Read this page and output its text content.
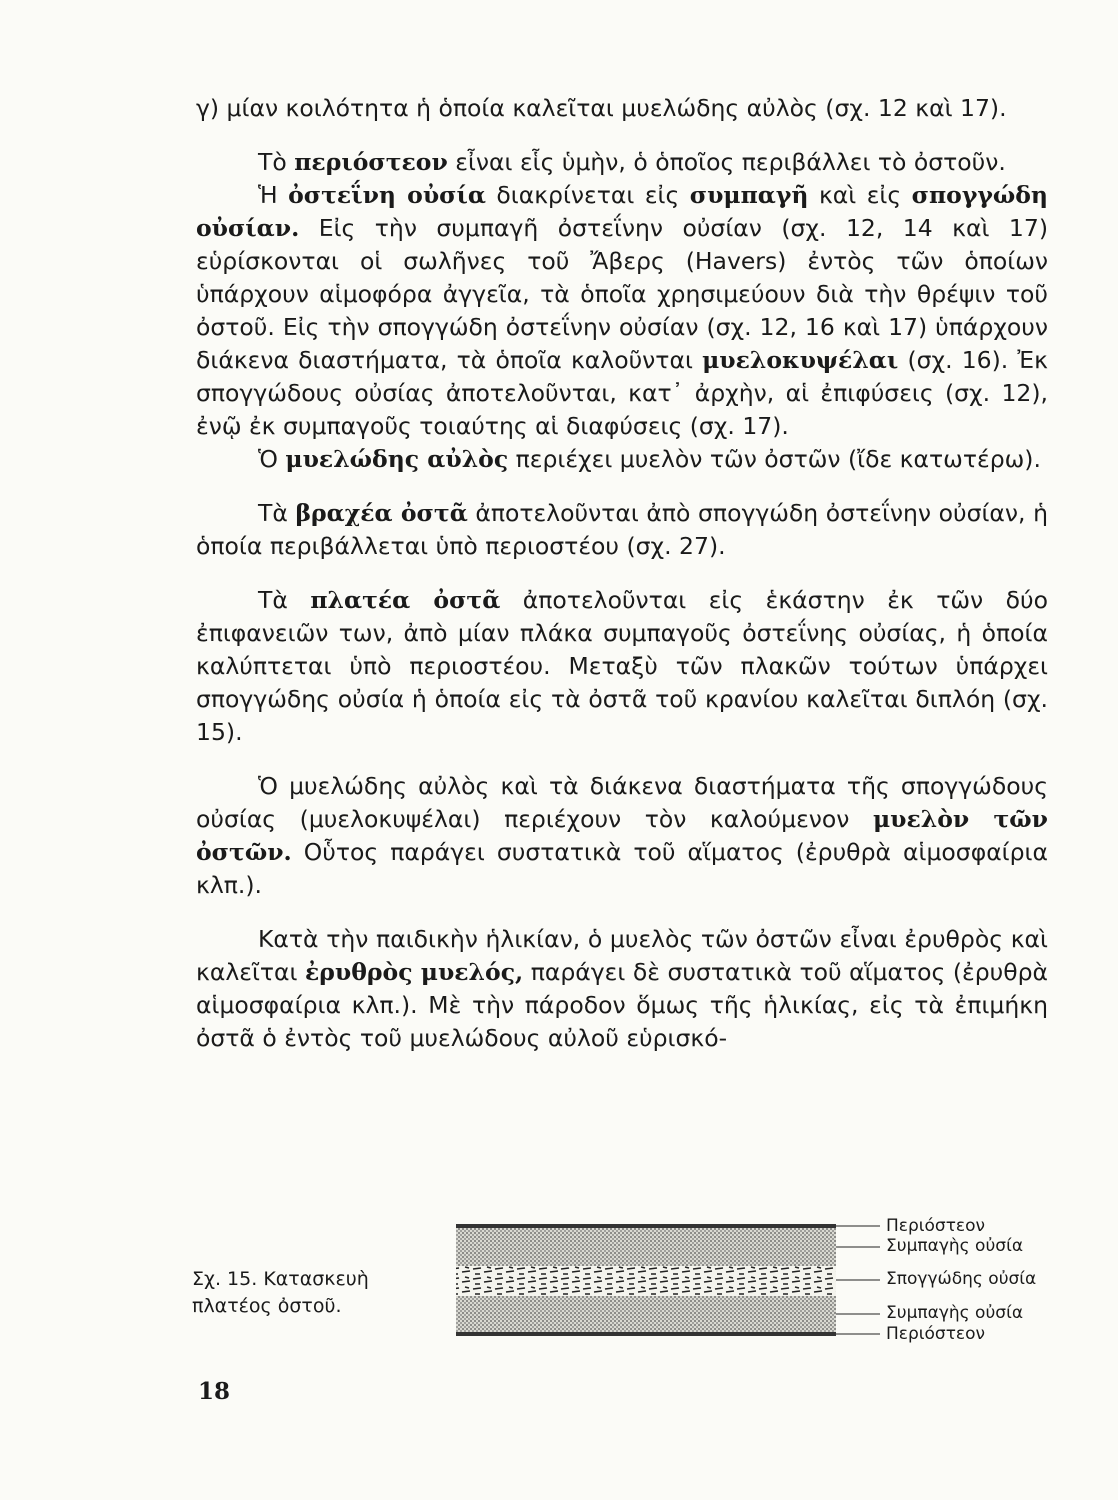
γ) μίαν κοιλότητα ἡ ὁποία καλεῖται μυελώδης αὐλὸς (σχ. 12 καὶ 17).

Τὸ περιόστεον εἶναι εἷς ὑμὴν, ὁ ὁποῖος περιβάλλει τὸ ὀστοῦν.

Ἡ ὀστεΐνη οὐσία διακρίνεται εἰς συμπαγῆ καὶ εἰς σπογγώδη οὐσίαν. Εἰς τὴν συμπαγῆ ὀστεΐνην οὐσίαν (σχ. 12, 14 καὶ 17) εὑρίσκονται οἱ σωλῆνες τοῦ Ἄβερς (Havers) ἐντὸς τῶν ὁποίων ὑπάρχουν αἱμοφόρα ἀγγεῖα, τὰ ὁποῖα χρησιμεύουν διὰ τὴν θρέψιν τοῦ ὀστοῦ. Εἰς τὴν σπογγώδη ὀστεΐνην οὐσίαν (σχ. 12, 16 καὶ 17) ὑπάρχουν διάκενα διαστήματα, τὰ ὁποῖα καλοῦνται μυελοκυψέλαι (σχ. 16). Ἐκ σπογγώδους οὐσίας ἀποτελοῦνται, κατ᾽ ἀρχὴν, αἱ ἐπιφύσεις (σχ. 12), ἐνῷ ἐκ συμπαγοῦς τοιαύτης αἱ διαφύσεις (σχ. 17).

Ὁ μυελώδης αὐλὸς περιέχει μυελὸν τῶν ὀστῶν (ἴδε κατωτέρω).

Τὰ βραχέα ὀστᾶ ἀποτελοῦνται ἀπὸ σπογγώδη ὀστεΐνην οὐσίαν, ἡ ὁποία περιβάλλεται ὑπὸ περιοστέου (σχ. 27).

Τὰ πλατέα ὀστᾶ ἀποτελοῦνται εἰς ἑκάστην ἐκ τῶν δύο ἐπιφανειῶν των, ἀπὸ μίαν πλάκα συμπαγοῦς ὀστεΐνης οὐσίας, ἡ ὁποία καλύπτεται ὑπὸ περιοστέου. Μεταξὺ τῶν πλακῶν τούτων ὑπάρχει σπογγώδης οὐσία ἡ ὁποία εἰς τὰ ὀστᾶ τοῦ κρανίου καλεῖται διπλόη (σχ. 15).

Ὁ μυελώδης αὐλὸς καὶ τὰ διάκενα διαστήματα τῆς σπογγώδους οὐσίας (μυελοκυψέλαι) περιέχουν τὸν καλούμενον μυελὸν τῶν ὀστῶν. Οὗτος παράγει συστατικὰ τοῦ αἵματος (ἐρυθρὰ αἱμοσφαίρια κλπ.).

Κατὰ τὴν παιδικὴν ἡλικίαν, ὁ μυελὸς τῶν ὀστῶν εἶναι ἐρυθρὸς καὶ καλεῖται ἐρυθρὸς μυελός, παράγει δὲ συστατικὰ τοῦ αἵματος (ἐρυθρὰ αἱμοσφαίρια κλπ.). Μὲ τὴν πάροδον ὅμως τῆς ἡλικίας, εἰς τὰ ἐπιμήκη ὀστᾶ ὁ ἐντὸς τοῦ μυελώδους αὐλοῦ εὑρισκό-

Περιόστεον
Συμπαγὴς οὐσία
Σπογγώδης οὐσία
Συμπαγὴς οὐσία
Περιόστεον
Σχ. 15. Κατασκευὴ
πλατέος ὀστοῦ.
18
